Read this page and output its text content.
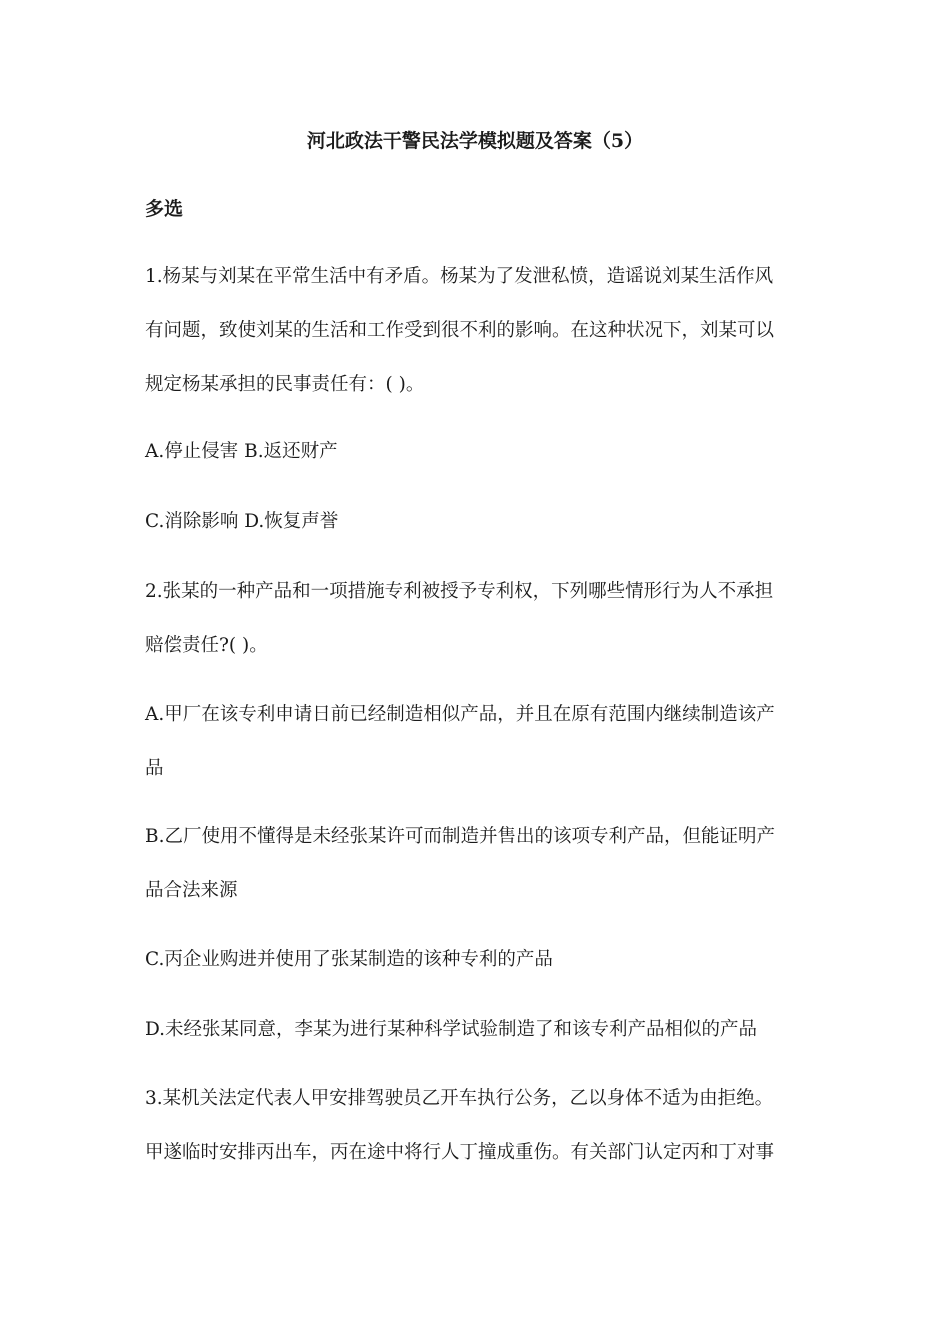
河北政法干警民法学模拟题及答案（5）
多选
1.杨某与刘某在平常生活中有矛盾。杨某为了发泄私愤，造谣说刘某生活作风
有问题，致使刘某的生活和工作受到很不利的影响。在这种状况下，刘某可以
规定杨某承担的民事责任有：( )。
A.停止侵害 B.返还财产
C.消除影响 D.恢复声誉
2.张某的一种产品和一项措施专利被授予专利权，下列哪些情形行为人不承担
赔偿责任?( )。
A.甲厂在该专利申请日前已经制造相似产品，并且在原有范围内继续制造该产
品
B.乙厂使用不懂得是未经张某许可而制造并售出的该项专利产品，但能证明产
品合法来源
C.丙企业购进并使用了张某制造的该种专利的产品
D.未经张某同意，李某为进行某种科学试验制造了和该专利产品相似的产品
3.某机关法定代表人甲安排驾驶员乙开车执行公务，乙以身体不适为由拒绝。
甲遂临时安排丙出车，丙在途中将行人丁撞成重伤。有关部门认定丙和丁对事
